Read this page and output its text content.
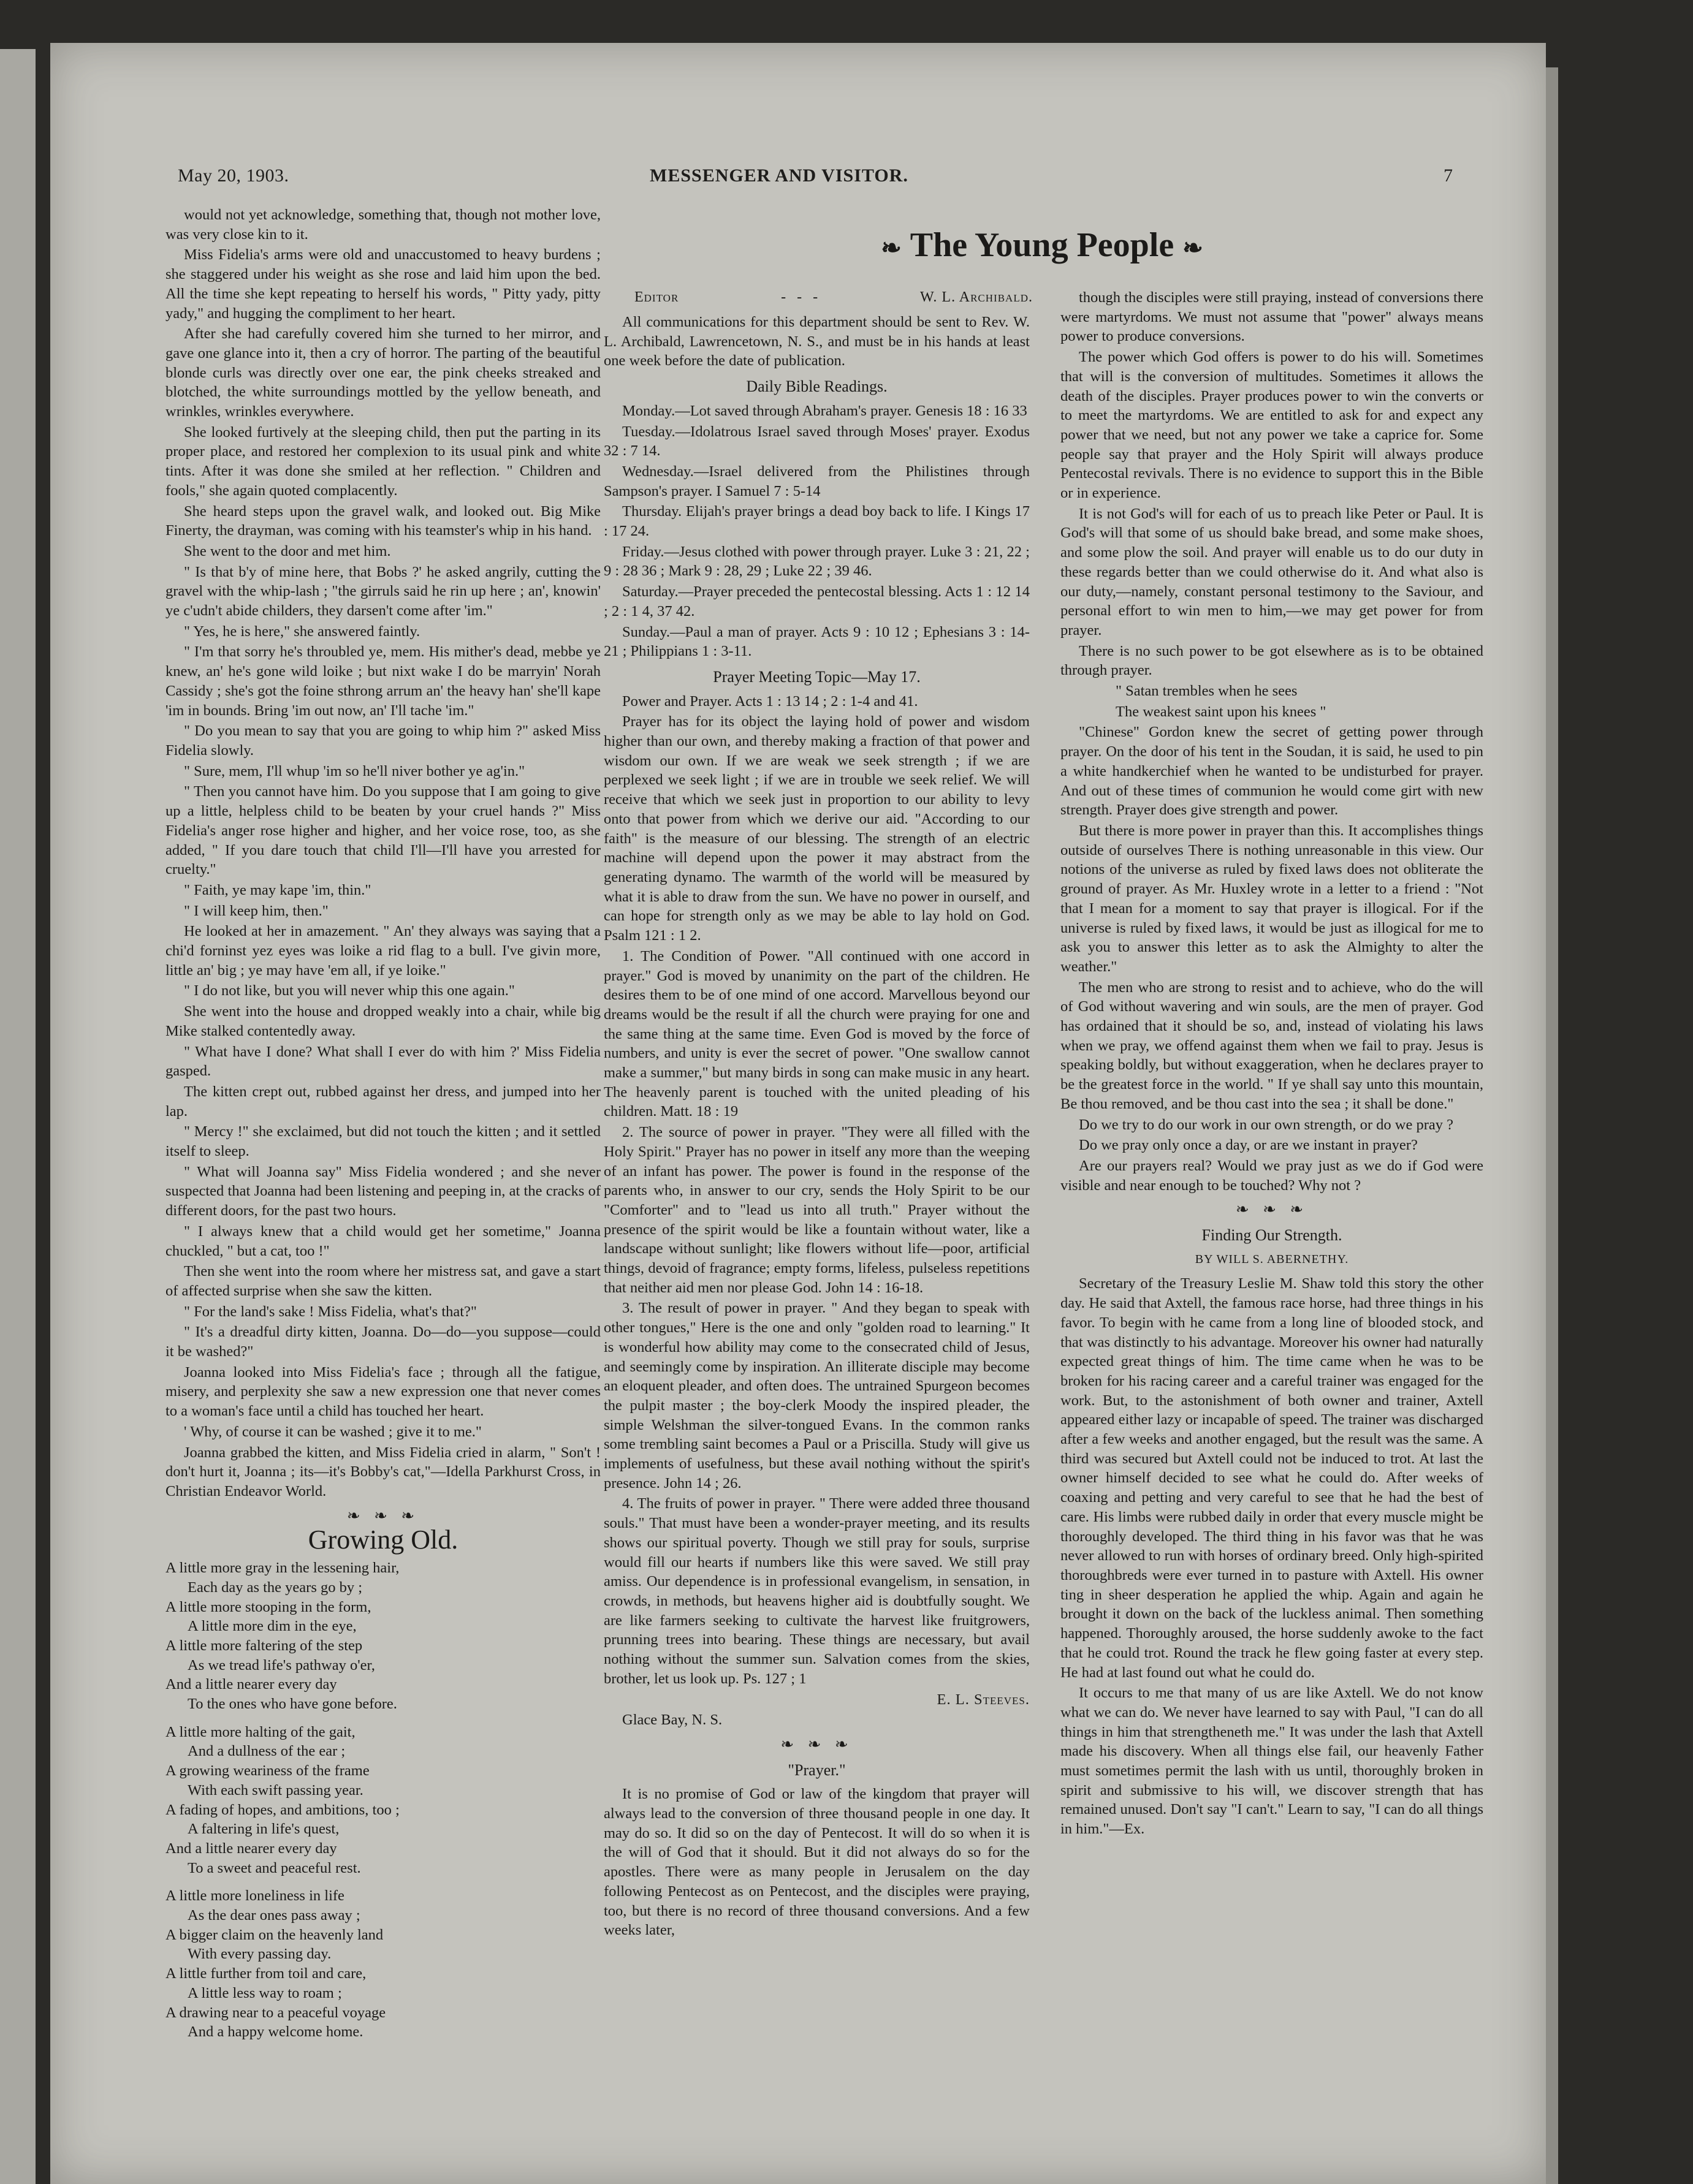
May 20, 1903.	MESSENGER AND VISITOR.	7
❧ The Young People ❧

would not yet acknowledge, something that, though not mother love, was very close kin to it.

Miss Fidelia's arms were old and unaccustomed to heavy burdens ; she staggered under his weight as she rose and laid him upon the bed. All the time she kept repeating to herself his words, " Pitty yady, pitty yady," and hugging the compliment to her heart.

After she had carefully covered him she turned to her mirror, and gave one glance into it, then a cry of horror. The parting of the beautiful blonde curls was directly over one ear, the pink cheeks streaked and blotched, the white surroundings mottled by the yellow beneath, and wrinkles, wrinkles everywhere.

She looked furtively at the sleeping child, then put the parting in its proper place, and restored her complexion to its usual pink and white tints. After it was done she smiled at her reflection. " Children and fools," she again quoted complacently.

She heard steps upon the gravel walk, and looked out. Big Mike Finerty, the drayman, was coming with his teamster's whip in his hand.

She went to the door and met him.

" Is that b'y of mine here, that Bobs ?' he asked angrily, cutting the gravel with the whip-lash ; "the girruls said he rin up here ; an', knowin' ye c'udn't abide childers, they darsen't come after 'im."

" Yes, he is here," she answered faintly.

" I'm that sorry he's throubled ye, mem. His mither's dead, mebbe ye knew, an' he's gone wild loike ; but nixt wake I do be marryin' Norah Cassidy ; she's got the foine sthrong arrum an' the heavy han' she'll kape 'im in bounds. Bring 'im out now, an' I'll tache 'im."

" Do you mean to say that you are going to whip him ?" asked Miss Fidelia slowly.

" Sure, mem, I'll whup 'im so he'll niver bother ye ag'in."

" Then you cannot have him. Do you suppose that I am going to give up a little, helpless child to be beaten by your cruel hands ?" Miss Fidelia's anger rose higher and higher, and her voice rose, too, as she added, " If you dare touch that child I'll—I'll have you arrested for cruelty."

" Faith, ye may kape 'im, thin."

" I will keep him, then."

He looked at her in amazement. " An' they always was saying that a chi'd forninst yez eyes was loike a rid flag to a bull. I've givin more, little an' big ; ye may have 'em all, if ye loike."

" I do not like, but you will never whip this one again."

She went into the house and dropped weakly into a chair, while big Mike stalked contentedly away.

" What have I done? What shall I ever do with him ?' Miss Fidelia gasped.

The kitten crept out, rubbed against her dress, and jumped into her lap.

" Mercy !" she exclaimed, but did not touch the kitten ; and it settled itself to sleep.

" What will Joanna say" Miss Fidelia wondered ; and she never suspected that Joanna had been listening and peeping in, at the cracks of different doors, for the past two hours.

" I always knew that a child would get her sometime," Joanna chuckled, " but a cat, too !"

Then she went into the room where her mistress sat, and gave a start of affected surprise when she saw the kitten.

" For the land's sake ! Miss Fidelia, what's that?"

" It's a dreadful dirty kitten, Joanna. Do—do—you suppose—could it be washed?"

Joanna looked into Miss Fidelia's face ; through all the fatigue, misery, and perplexity she saw a new expression one that never comes to a woman's face until a child has touched her heart.

' Why, of course it can be washed ; give it to me."

Joanna grabbed the kitten, and Miss Fidelia cried in alarm, " Son't ! don't hurt it, Joanna ; its—it's Bobby's cat,"—Idella Parkhurst Cross, in Christian Endeavor World.

❧ ❧ ❧
Growing Old.

A little more gray in the lessening hair,

Each day as the years go by ;

A little more stooping in the form,

A little more dim in the eye,

A little more faltering of the step

As we tread life's pathway o'er,

And a little nearer every day

To the ones who have gone before.

A little more halting of the gait,

And a dullness of the ear ;

A growing weariness of the frame

With each swift passing year.

A fading of hopes, and ambitions, too ;

A faltering in life's quest,

And a little nearer every day

To a sweet and peaceful rest.

A little more loneliness in life

As the dear ones pass away ;

A bigger claim on the heavenly land

With every passing day.

A little further from toil and care,

A little less way to roam ;

A drawing near to a peaceful voyage

And a happy welcome home.

Editor	-   -   -	W. L. Archibald.

All communications for this department should be sent to Rev. W. L. Archibald, Lawrencetown, N. S., and must be in his hands at least one week before the date of publication.

Daily Bible Readings.

Monday.—Lot saved through Abraham's prayer. Genesis 18 : 16 33

Tuesday.—Idolatrous Israel saved through Moses' prayer. Exodus 32 : 7 14.

Wednesday.—Israel delivered from the Philistines through Sampson's prayer. I Samuel 7 : 5-14

Thursday. Elijah's prayer brings a dead boy back to life. I Kings 17 : 17 24.

Friday.—Jesus clothed with power through prayer. Luke 3 : 21, 22 ; 9 : 28 36 ; Mark 9 : 28, 29 ; Luke 22 ; 39 46.

Saturday.—Prayer preceded the pentecostal blessing. Acts 1 : 12 14 ; 2 : 1 4, 37 42.

Sunday.—Paul a man of prayer. Acts 9 : 10 12 ; Ephesians 3 : 14-21 ; Philippians 1 : 3-11.

Prayer Meeting Topic—May 17.

Power and Prayer. Acts 1 : 13 14 ; 2 : 1-4 and 41.

Prayer has for its object the laying hold of power and wisdom higher than our own, and thereby making a fraction of that power and wisdom our own. If we are weak we seek strength ; if we are perplexed we seek light ; if we are in trouble we seek relief. We will receive that which we seek just in proportion to our ability to levy onto that power from which we derive our aid. "According to our faith" is the measure of our blessing. The strength of an electric machine will depend upon the power it may abstract from the generating dynamo. The warmth of the world will be measured by what it is able to draw from the sun. We have no power in ourself, and can hope for strength only as we may be able to lay hold on God. Psalm 121 : 1 2.

1. The Condition of Power. "All continued with one accord in prayer." God is moved by unanimity on the part of the children. He desires them to be of one mind of one accord. Marvellous beyond our dreams would be the result if all the church were praying for one and the same thing at the same time. Even God is moved by the force of numbers, and unity is ever the secret of power. "One swallow cannot make a summer," but many birds in song can make music in any heart. The heavenly parent is touched with the united pleading of his children. Matt. 18 : 19

2. The source of power in prayer. "They were all filled with the Holy Spirit." Prayer has no power in itself any more than the weeping of an infant has power. The power is found in the response of the parents who, in answer to our cry, sends the Holy Spirit to be our "Comforter" and to "lead us into all truth." Prayer without the presence of the spirit would be like a fountain without water, like a landscape without sunlight; like flowers without life—poor, artificial things, devoid of fragrance; empty forms, lifeless, pulseless repetitions that neither aid men nor please God. John 14 : 16-18.

3. The result of power in prayer. " And they began to speak with other tongues," Here is the one and only "golden road to learning." It is wonderful how ability may come to the consecrated child of Jesus, and seemingly come by inspiration. An illiterate disciple may become an eloquent pleader, and often does. The untrained Spurgeon becomes the pulpit master ; the boy-clerk Moody the inspired pleader, the simple Welshman the silver-tongued Evans. In the common ranks some trembling saint becomes a Paul or a Priscilla. Study will give us implements of usefulness, but these avail nothing without the spirit's presence. John 14 ; 26.

4. The fruits of power in prayer. " There were added three thousand souls." That must have been a wonder-prayer meeting, and its results shows our spiritual poverty. Though we still pray for souls, surprise would fill our hearts if numbers like this were saved. We still pray amiss. Our dependence is in professional evangelism, in sensation, in crowds, in methods, but heavens higher aid is doubtfully sought. We are like farmers seeking to cultivate the harvest like fruitgrowers, prunning trees into bearing. These things are necessary, but avail nothing without the summer sun. Salvation comes from the skies, brother, let us look up. Ps. 127 ; 1

E. L. Steeves.

Glace Bay, N. S.

❧ ❧ ❧
"Prayer."

It is no promise of God or law of the kingdom that prayer will always lead to the conversion of three thousand people in one day. It may do so. It did so on the day of Pentecost. It will do so when it is the will of God that it should. But it did not always do so for the apostles. There were as many people in Jerusalem on the day following Pentecost as on Pentecost, and the disciples were praying, too, but there is no record of three thousand conversions. And a few weeks later,

though the disciples were still praying, instead of conversions there were martyrdoms. We must not assume that "power" always means power to produce conversions.

The power which God offers is power to do his will. Sometimes that will is the conversion of multitudes. Sometimes it allows the death of the disciples. Prayer produces power to win the converts or to meet the martyrdoms. We are entitled to ask for and expect any power that we need, but not any power we take a caprice for. Some people say that prayer and the Holy Spirit will always produce Pentecostal revivals. There is no evidence to support this in the Bible or in experience.

It is not God's will for each of us to preach like Peter or Paul. It is God's will that some of us should bake bread, and some make shoes, and some plow the soil. And prayer will enable us to do our duty in these regards better than we could otherwise do it. And what also is our duty,—namely, constant personal testimony to the Saviour, and personal effort to win men to him,—we may get power for from prayer.

There is no such power to be got elsewhere as is to be obtained through prayer.

" Satan trembles when he sees

The weakest saint upon his knees "

"Chinese" Gordon knew the secret of getting power through prayer. On the door of his tent in the Soudan, it is said, he used to pin a white handkerchief when he wanted to be undisturbed for prayer. And out of these times of communion he would come girt with new strength. Prayer does give strength and power.

But there is more power in prayer than this. It accomplishes things outside of ourselves There is nothing unreasonable in this view. Our notions of the universe as ruled by fixed laws does not obliterate the ground of prayer. As Mr. Huxley wrote in a letter to a friend : "Not that I mean for a moment to say that prayer is illogical. For if the universe is ruled by fixed laws, it would be just as illogical for me to ask you to answer this letter as to ask the Almighty to alter the weather."

The men who are strong to resist and to achieve, who do the will of God without wavering and win souls, are the men of prayer. God has ordained that it should be so, and, instead of violating his laws when we pray, we offend against them when we fail to pray. Jesus is speaking boldly, but without exaggeration, when he declares prayer to be the greatest force in the world. " If ye shall say unto this mountain, Be thou removed, and be thou cast into the sea ; it shall be done."

Do we try to do our work in our own strength, or do we pray ?

Do we pray only once a day, or are we instant in prayer?

Are our prayers real? Would we pray just as we do if God were visible and near enough to be touched? Why not ?

❧ ❧ ❧
Finding Our Strength.
BY WILL S. ABERNETHY.

Secretary of the Treasury Leslie M. Shaw told this story the other day. He said that Axtell, the famous race horse, had three things in his favor. To begin with he came from a long line of blooded stock, and that was distinctly to his advantage. Moreover his owner had naturally expected great things of him. The time came when he was to be broken for his racing career and a careful trainer was engaged for the work. But, to the astonishment of both owner and trainer, Axtell appeared either lazy or incapable of speed. The trainer was discharged after a few weeks and another engaged, but the result was the same. A third was secured but Axtell could not be induced to trot. At last the owner himself decided to see what he could do. After weeks of coaxing and petting and very careful to see that he had the best of care. His limbs were rubbed daily in order that every muscle might be thoroughly developed. The third thing in his favor was that he was never allowed to run with horses of ordinary breed. Only high-spirited thoroughbreds were ever turned in to pasture with Axtell. His owner ting in sheer desperation he applied the whip. Again and again he brought it down on the back of the luckless animal. Then something happened. Thoroughly aroused, the horse suddenly awoke to the fact that he could trot. Round the track he flew going faster at every step. He had at last found out what he could do.

It occurs to me that many of us are like Axtell. We do not know what we can do. We never have learned to say with Paul, "I can do all things in him that strengtheneth me." It was under the lash that Axtell made his discovery. When all things else fail, our heavenly Father must sometimes permit the lash with us until, thoroughly broken in spirit and submissive to his will, we discover strength that has remained unused. Don't say "I can't." Learn to say, "I can do all things in him."—Ex.
